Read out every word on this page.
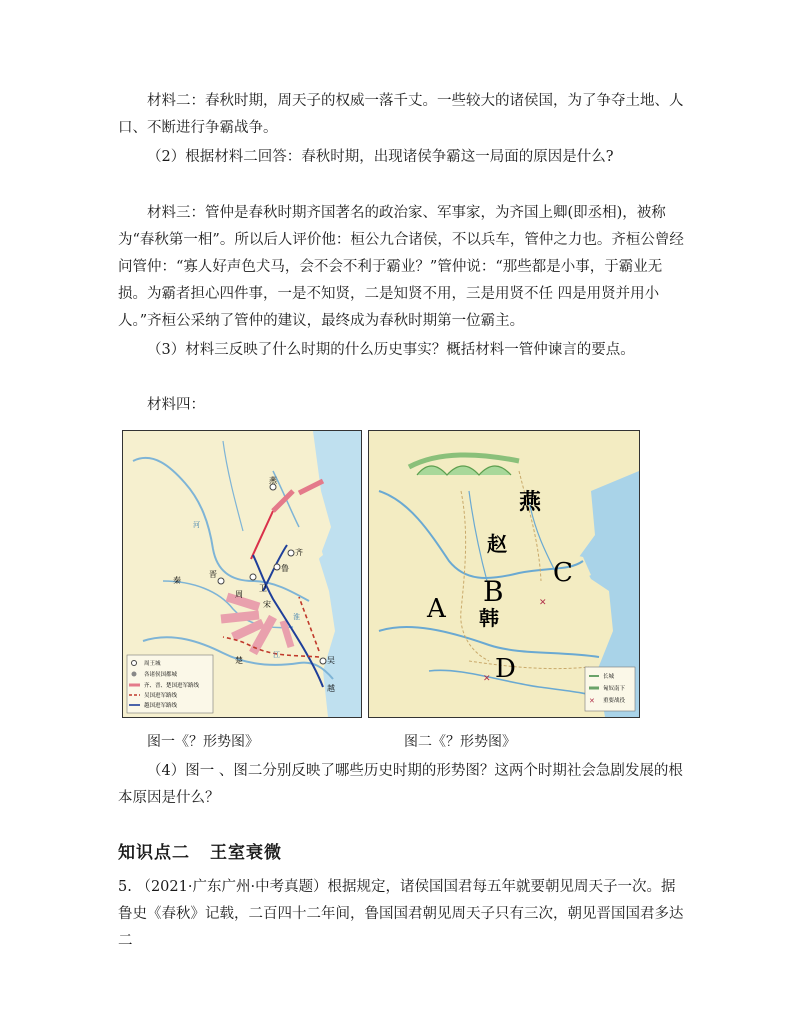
材料二：春秋时期，周天子的权威一落千丈。一些较大的诸侯国，为了争夺土地、人口、不断进行争霸战争。

（2）根据材料二回答：春秋时期，出现诸侯争霸这一局面的原因是什么?

材料三：管仲是春秋时期齐国著名的政治家、军事家，为齐国上卿(即丞相)，被称为“春秋第一相”。所以后人评价他：桓公九合诸侯，不以兵车，管仲之力也。齐桓公曾经问管仲：“寡人好声色犬马，会不会不利于霸业？”管仲说：“那些都是小事，于霸业无损。为霸者担心四件事，一是不知贤，二是知贤不用，三是用贤不任 四是用贤并用小人。”齐桓公采纳了管仲的建议，最终成为春秋时期第一位霸主。

（3）材料三反映了什么时期的什么历史事实？概括材料一管仲谏言的要点。

材料四：

燕
晋
秦
卫
齐
鲁
周
宋
楚	吴
越
河
淮
江
周王城
各诸侯国都城
齐、晋、楚国进军路线
吴国进军路线
越国进军路线
✕
✕
燕
赵
韩
A
B
C
D
✕
长城
匈奴南下
重要战役
图一《？形势图》	图二《？形势图》

（4）图一 、图二分别反映了哪些历史时期的形势图？这两个时期社会急剧发展的根本原因是什么？

知识点二 王室衰微

5. （2021·广东广州·中考真题）根据规定，诸侯国国君每五年就要朝见周天子一次。据鲁史《春秋》记载，二百四十二年间，鲁国国君朝见周天子只有三次，朝见晋国国君多达二
